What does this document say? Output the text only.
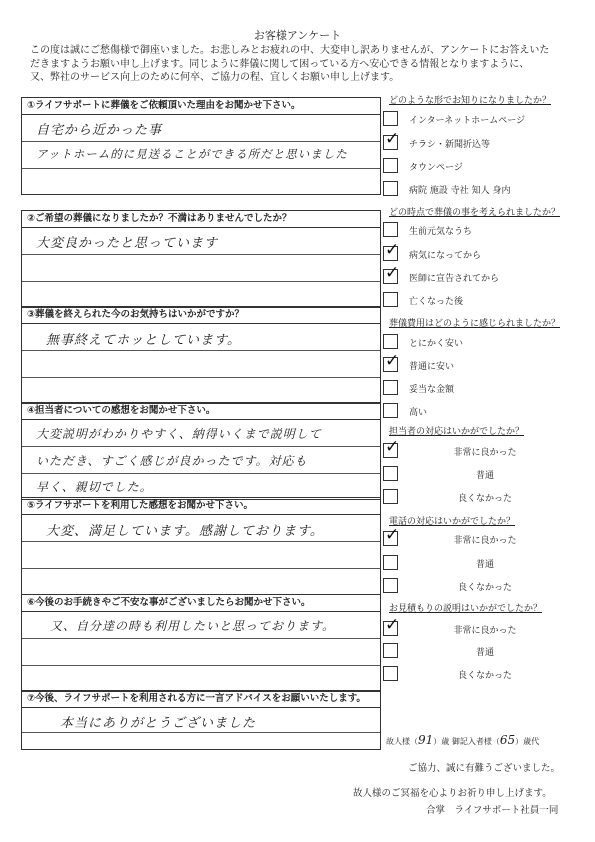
お客様アンケート
この度は誠にご愁傷様で御座いました。お悲しみとお疲れの中、大変申し訳ありませんが、アンケートにお答えいた
だきますようお願い申し上げます。同じように葬儀に関して困っている方へ安心できる情報となりますように、
又、弊社のサービス向上のために何卒、ご協力の程、宜しくお願い申し上げます。
①ライフサポートに葬儀をご依頼頂いた理由をお聞かせ下さい。
自宅から近かった事
アットホーム的に見送ることができる所だと思いました
②ご希望の葬儀になりましたか？不満はありませんでしたか？
大変良かったと思っています
③葬儀を終えられた今のお気持ちはいかがですか？
無事終えてホッとしています。
④担当者についての感想をお聞かせ下さい。
大変説明がわかりやすく、納得いくまで説明して
いただき、すごく感じが良かったです。対応も
早く、親切でした。
⑤ライフサポートを利用した感想をお聞かせ下さい。
大変、満足しています。感謝しております。
⑥今後のお手続きやご不安な事がございましたらお聞かせ下さい。
又、自分達の時も利用したいと思っております。
⑦今後、ライフサポートを利用される方に一言アドバイスをお願いいたします。
本当にありがとうございました
どのような形でお知りになりましたか？
インターネットホームページ
✓ チラシ・新聞折込等
タウンページ
病院 施設 寺社 知人 身内
どの時点で葬儀の事を考えられましたか？
生前元気なうち
✓ 病気になってから
✓ 医師に宣告されてから
亡くなった後
葬儀費用はどのように感じられましたか？
とにかく安い
✓ 普通に安い
妥当な金額
高い
担当者の対応はいかがでしたか？
✓	非常に良かった
普通
良くなかった
電話の対応はいかがでしたか？
✓	非常に良かった
普通
良くなかった
お見積もりの説明はいかがでしたか？
✓	非常に良かった
普通
良くなかった
故人様（91）歳 御記入者様（65）歳代
ご協力、誠に有難うございました。
故人様のご冥福を心よりお祈り申し上げます。
合掌　ライフサポート社員一同
